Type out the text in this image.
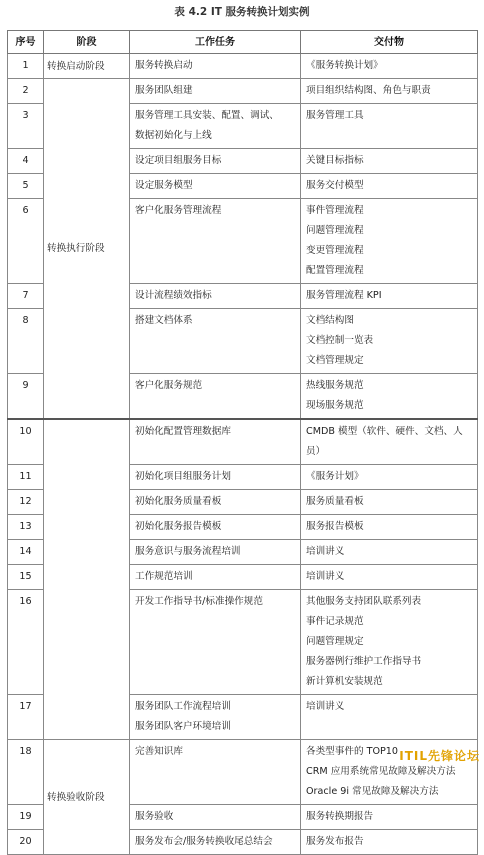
表 4.2 IT 服务转换计划实例
序号	阶段	工作任务	交付物

1	转换启动阶段	服务转换启动	《服务转换计划》

2	转换执行阶段	服务团队组建	项目组织结构图、角色与职责

3		服务管理工具安装、配置、调试、
数据初始化与上线	服务管理工具

4		设定项目组服务目标	关键目标指标

5		设定服务模型	服务交付模型

6		客户化服务管理流程	事件管理流程
问题管理流程
变更管理流程
配置管理流程

7		设计流程绩效指标	服务管理流程 KPI

8		搭建文档体系	文档结构图
文档控制一览表
文档管理规定

9		客户化服务规范	热线服务规范
现场服务规范

10		初始化配置管理数据库	CMDB 模型（软件、硬件、文档、人员）

11		初始化项目组服务计划	《服务计划》

12		初始化服务质量看板	服务质量看板

13		初始化服务报告模板	服务报告模板

14		服务意识与服务流程培训	培训讲义

15		工作规范培训	培训讲义

16		开发工作指导书/标准操作规范	其他服务支持团队联系列表
事件记录规范
问题管理规定
服务器例行维护工作指导书
新计算机安装规范

17		服务团队工作流程培训
服务团队客户环境培训	培训讲义

18	转换验收阶段	完善知识库	各类型事件的 TOP10
CRM 应用系统常见故障及解决方法
Oracle 9i 常见故障及解决方法

19		服务验收	服务转换期报告

20		服务发布会/服务转换收尾总结会	服务发布报告
ITIL先锋论坛
